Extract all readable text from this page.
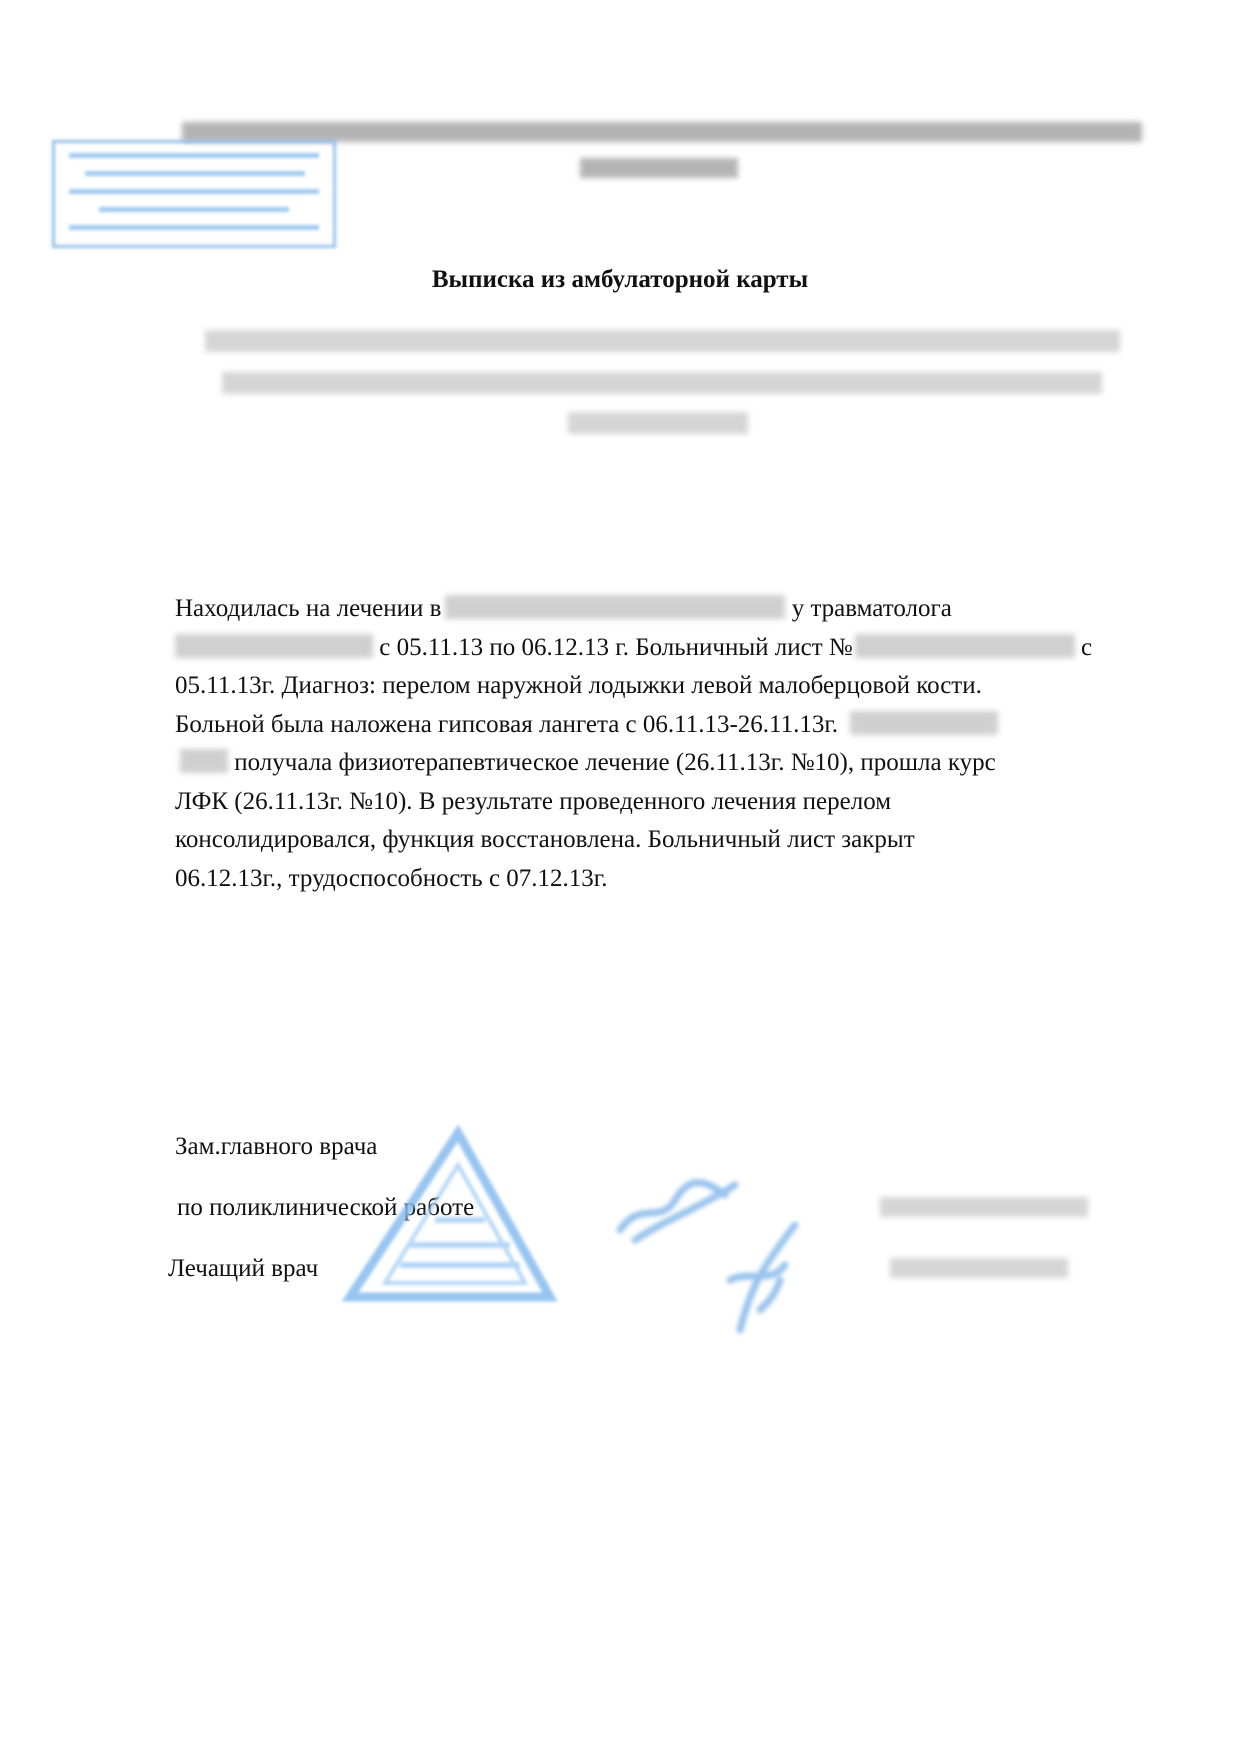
Выписка из амбулаторной карты
Находилась на лечении в	у травматолога
с 05.11.13 по 06.12.13 г. Больничный лист №	с
05.11.13г. Диагноз: перелом наружной лодыжки левой малоберцовой кости.
Больной была наложена гипсовая лангета с 06.11.13-26.11.13г.
получала физиотерапевтическое лечение (26.11.13г. №10), прошла курс
ЛФК (26.11.13г. №10). В результате проведенного лечения перелом
консолидировался, функция восстановлена. Больничный лист закрыт
06.12.13г., трудоспособность с 07.12.13г.
Зам.главного врача
по поликлинической работе
Лечащий врач
